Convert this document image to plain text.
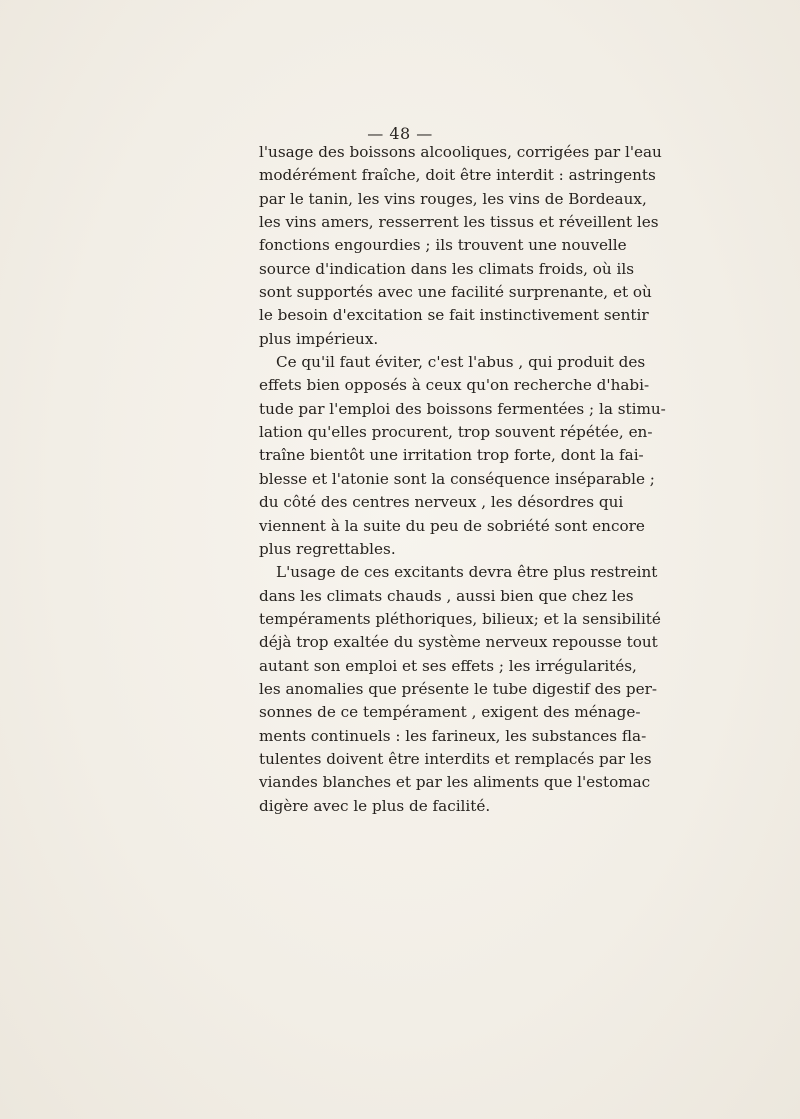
— 48 —
l'usage des boissons alcooliques, corrigées par l'eau
modérément fraîche, doit être interdit : astringents
par le tanin, les vins rouges, les vins de Bordeaux,
les vins amers, resserrent les tissus et réveillent les
fonctions engourdies ; ils trouvent une nouvelle
source d'indication dans les climats froids, où ils
sont supportés avec une facilité surprenante, et où
le besoin d'excitation se fait instinctivement sentir
plus impérieux.
Ce qu'il faut éviter, c'est l'abus , qui produit des
effets bien opposés à ceux qu'on recherche d'habi-
tude par l'emploi des boissons fermentées ; la stimu-
lation qu'elles procurent, trop souvent répétée, en-
traîne bientôt une irritation trop forte, dont la fai-
blesse et l'atonie sont la conséquence inséparable ;
du côté des centres nerveux , les désordres qui
viennent à la suite du peu de sobriété sont encore
plus regrettables.
L'usage de ces excitants devra être plus restreint
dans les climats chauds , aussi bien que chez les
tempéraments pléthoriques, bilieux; et la sensibilité
déjà trop exaltée du système nerveux repousse tout
autant son emploi et ses effets ; les irrégularités,
les anomalies que présente le tube digestif des per-
sonnes de ce tempérament , exigent des ménage-
ments continuels : les farineux, les substances fla-
tulentes doivent être interdits et remplacés par les
viandes blanches et par les aliments que l'estomac
digère avec le plus de facilité.
